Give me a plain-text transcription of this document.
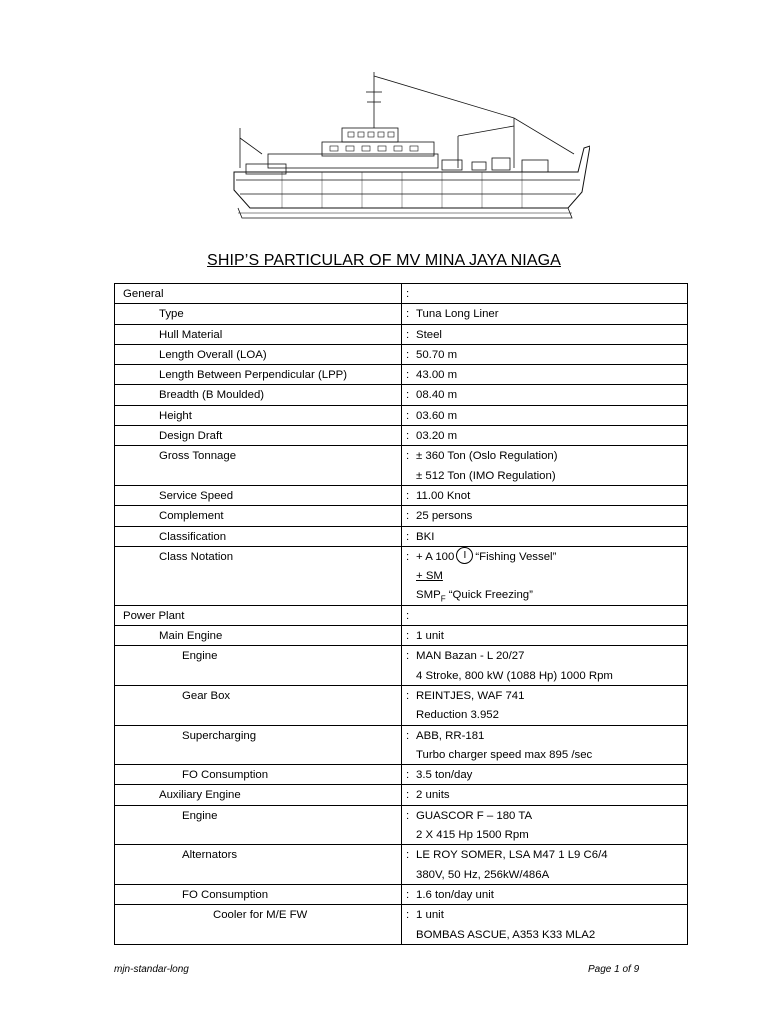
SHIP’S PARTICULAR OF MV MINA JAYA NIAGA
General	:

Type	: Tuna Long Liner

Hull Material	: Steel

Length Overall (LOA)	: 50.70 m

Length Between Perpendicular (LPP)	: 43.00 m

Breadth (B Moulded)	: 08.40 m

Height	: 03.60 m

Design Draft	: 03.20 m

Gross Tonnage	: ± 360 Ton (Oslo Regulation)
± 512 Ton (IMO Regulation)

Service Speed	: 11.00 Knot

Complement	: 25 persons

Classification	: BKI

Class Notation	: + A 100 I “Fishing Vessel”
+ SM
$SMP_F$ “Quick Freezing”

Power Plant	:

Main Engine	: 1 unit

Engine	: MAN Bazan - L 20/27
4 Stroke, 800 kW (1088 Hp) 1000 Rpm

Gear Box	: REINTJES, WAF 741
Reduction 3.952

Supercharging	: ABB, RR-181
Turbo charger speed max 895 /sec

FO Consumption	: 3.5 ton/day

Auxiliary Engine	: 2 units

Engine	: GUASCOR F – 180 TA
2 X 415 Hp 1500 Rpm

Alternators	: LE ROY SOMER, LSA M47 1 L9 C6/4
380V, 50 Hz, 256kW/486A

FO Consumption	: 1.6 ton/day unit

Cooler for M/E FW	: 1 unit
BOMBAS ASCUE, A353 K33 MLA2
mjn-standar-long	Page 1 of 9
